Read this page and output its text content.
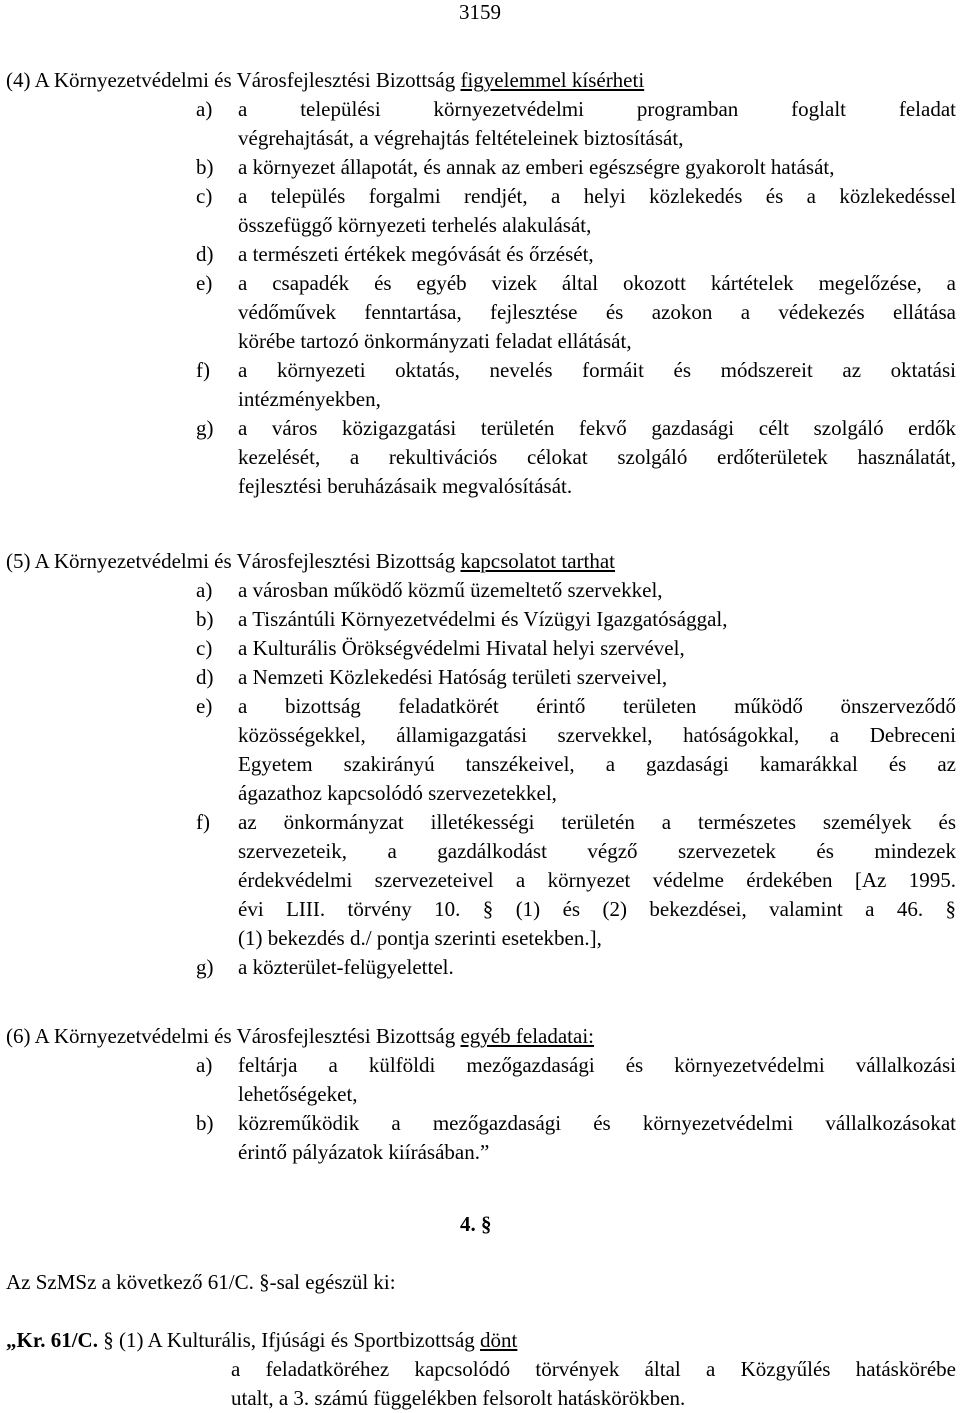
3159
(4) A Környezetvédelmi és Városfejlesztési Bizottság figyelemmel kísérheti
a)	a települési környezetvédelmi programban foglalt feladat
végrehajtását, a végrehajtás feltételeinek biztosítását,
b)	a környezet állapotát, és annak az emberi egészségre gyakorolt hatását,
c)	a település forgalmi rendjét, a helyi közlekedés és a közlekedéssel
összefüggő környezeti terhelés alakulását,
d)	a természeti értékek megóvását és őrzését,
e)	a csapadék és egyéb vizek által okozott kártételek megelőzése, a
védőművek fenntartása, fejlesztése és azokon a védekezés ellátása
körébe tartozó önkormányzati feladat ellátását,
f)	a környezeti oktatás, nevelés formáit és módszereit az oktatási
intézményekben,
g)	a város közigazgatási területén fekvő gazdasági célt szolgáló erdők
kezelését, a rekultivációs célokat szolgáló erdőterületek használatát,
fejlesztési beruházásaik megvalósítását.
(5) A Környezetvédelmi és Városfejlesztési Bizottság kapcsolatot tarthat
a)	a városban működő közmű üzemeltető szervekkel,
b)	a Tiszántúli Környezetvédelmi és Vízügyi Igazgatósággal,
c)	a Kulturális Örökségvédelmi Hivatal helyi szervével,
d)	a Nemzeti Közlekedési Hatóság területi szerveivel,
e)	a bizottság feladatkörét érintő területen működő önszerveződő
közösségekkel, államigazgatási szervekkel, hatóságokkal, a Debreceni
Egyetem szakirányú tanszékeivel, a gazdasági kamarákkal és az
ágazathoz kapcsolódó szervezetekkel,
f)	az önkormányzat illetékességi területén a természetes személyek és
szervezeteik, a gazdálkodást végző szervezetek és mindezek
érdekvédelmi szervezeteivel a környezet védelme érdekében [Az 1995.
évi LIII. törvény 10. § (1) és (2) bekezdései, valamint a 46. §
(1) bekezdés d./ pontja szerinti esetekben.],
g)	a közterület-felügyelettel.
(6) A Környezetvédelmi és Városfejlesztési Bizottság egyéb feladatai:
a)	feltárja a külföldi mezőgazdasági és környezetvédelmi vállalkozási
lehetőségeket,
b)	közreműködik a mezőgazdasági és környezetvédelmi vállalkozásokat
érintő pályázatok kiírásában.”
4. §
Az SzMSz a következő 61/C. §-sal egészül ki:
„Kr. 61/C. § (1) A Kulturális, Ifjúsági és Sportbizottság dönt
a feladatköréhez kapcsolódó törvények által a Közgyűlés hatáskörébe
utalt, a 3. számú függelékben felsorolt hatáskörökben.
